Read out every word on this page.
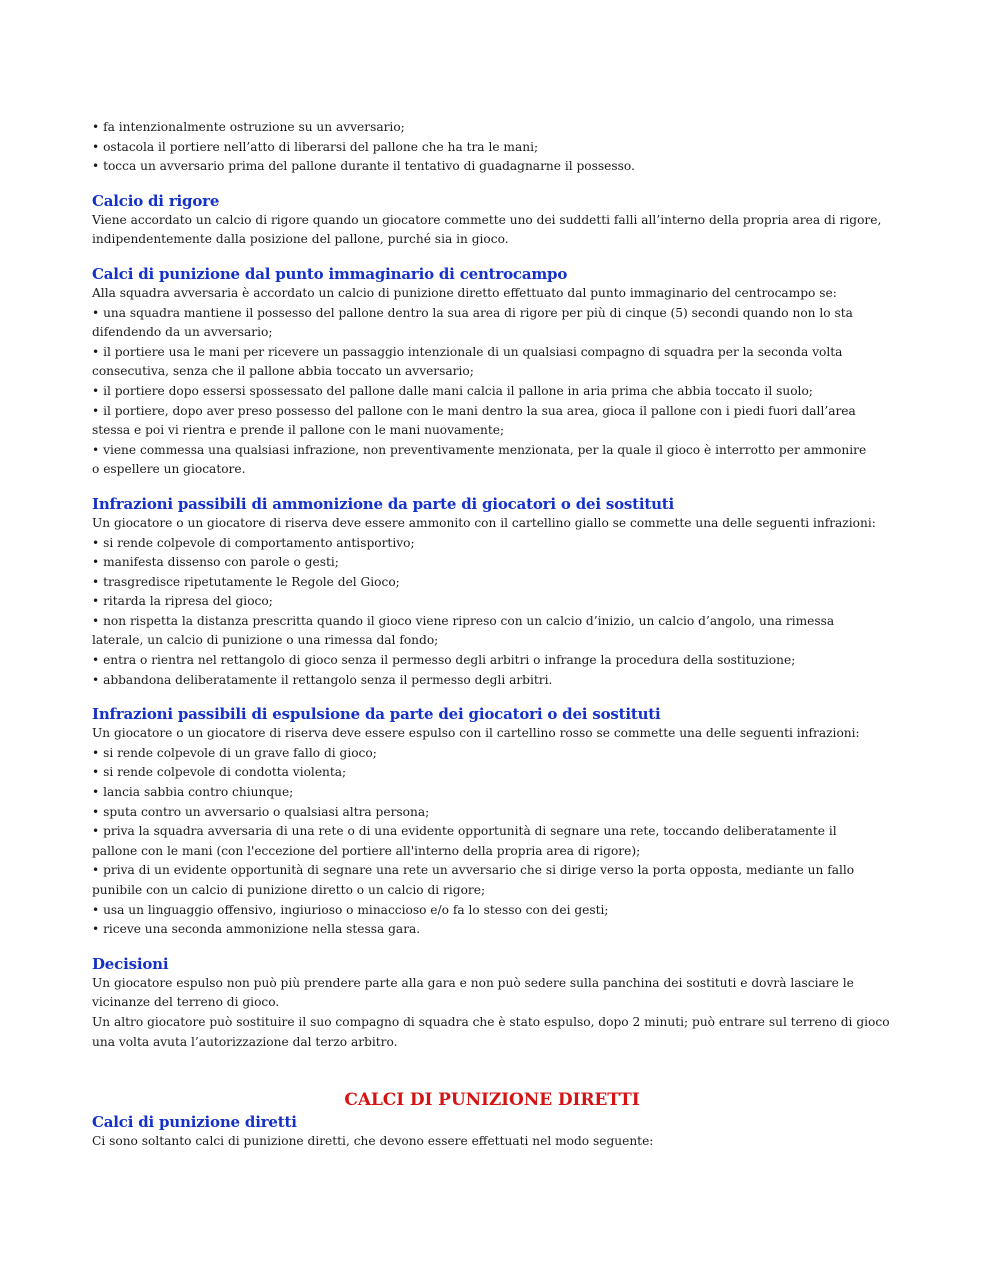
• fa intenzionalmente ostruzione su un avversario;
• ostacola il portiere nell’atto di liberarsi del pallone che ha tra le mani;
• tocca un avversario prima del pallone durante il tentativo di guadagnarne il possesso.
Calcio di rigore
Viene accordato un calcio di rigore quando un giocatore commette uno dei suddetti falli all’interno della propria area di rigore,
indipendentemente dalla posizione del pallone, purché sia in gioco.
Calci di punizione dal punto immaginario di centrocampo
Alla squadra avversaria è accordato un calcio di punizione diretto effettuato dal punto immaginario del centrocampo se:
• una squadra mantiene il possesso del pallone dentro la sua area di rigore per più di cinque (5) secondi quando non lo sta
difendendo da un avversario;
• il portiere usa le mani per ricevere un passaggio intenzionale di un qualsiasi compagno di squadra per la seconda volta
consecutiva, senza che il pallone abbia toccato un avversario;
• il portiere dopo essersi spossessato del pallone dalle mani calcia il pallone in aria prima che abbia toccato il suolo;
• il portiere, dopo aver preso possesso del pallone con le mani dentro la sua area, gioca il pallone con i piedi fuori dall’area
stessa e poi vi rientra e prende il pallone con le mani nuovamente;
• viene commessa una qualsiasi infrazione, non preventivamente menzionata, per la quale il gioco è interrotto per ammonire
o espellere un giocatore.
Infrazioni passibili di ammonizione da parte di giocatori o dei sostituti
Un giocatore o un giocatore di riserva deve essere ammonito con il cartellino giallo se commette una delle seguenti infrazioni:
• si rende colpevole di comportamento antisportivo;
• manifesta dissenso con parole o gesti;
• trasgredisce ripetutamente le Regole del Gioco;
• ritarda la ripresa del gioco;
• non rispetta la distanza prescritta quando il gioco viene ripreso con un calcio d’inizio, un calcio d’angolo, una rimessa
laterale, un calcio di punizione o una rimessa dal fondo;
• entra o rientra nel rettangolo di gioco senza il permesso degli arbitri o infrange la procedura della sostituzione;
• abbandona deliberatamente il rettangolo senza il permesso degli arbitri.
Infrazioni passibili di espulsione da parte dei giocatori o dei sostituti
Un giocatore o un giocatore di riserva deve essere espulso con il cartellino rosso se commette una delle seguenti infrazioni:
• si rende colpevole di un grave fallo di gioco;
• si rende colpevole di condotta violenta;
• lancia sabbia contro chiunque;
• sputa contro un avversario o qualsiasi altra persona;
• priva la squadra avversaria di una rete o di una evidente opportunità di segnare una rete, toccando deliberatamente il
pallone con le mani (con l'eccezione del portiere all'interno della propria area di rigore);
• priva di un evidente opportunità di segnare una rete un avversario che si dirige verso la porta opposta, mediante un fallo
punibile con un calcio di punizione diretto o un calcio di rigore;
• usa un linguaggio offensivo, ingiurioso o minaccioso e/o fa lo stesso con dei gesti;
• riceve una seconda ammonizione nella stessa gara.
Decisioni
Un giocatore espulso non può più prendere parte alla gara e non può sedere sulla panchina dei sostituti e dovrà lasciare le
vicinanze del terreno di gioco.
Un altro giocatore può sostituire il suo compagno di squadra che è stato espulso, dopo 2 minuti; può entrare sul terreno di gioco
una volta avuta l’autorizzazione dal terzo arbitro.
CALCI DI PUNIZIONE DIRETTI
Calci di punizione diretti
Ci sono soltanto calci di punizione diretti, che devono essere effettuati nel modo seguente:
